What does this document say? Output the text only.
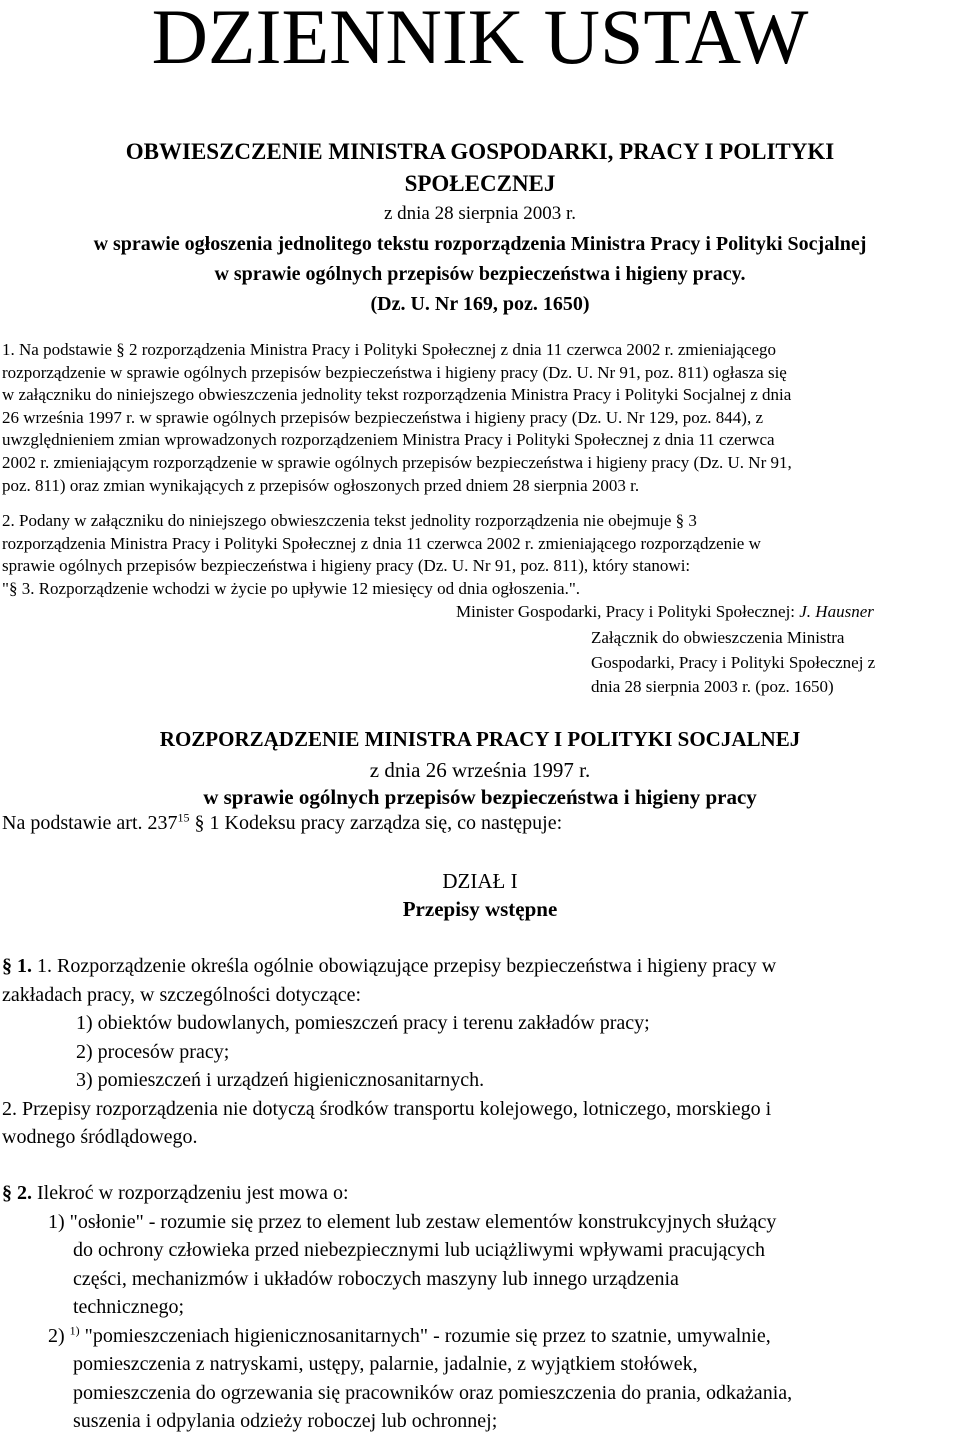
DZIENNIK USTAW
OBWIESZCZENIE MINISTRA GOSPODARKI, PRACY I POLITYKI
SPOŁECZNEJ
z dnia 28 sierpnia 2003 r.
w sprawie ogłoszenia jednolitego tekstu rozporządzenia Ministra Pracy i Polityki Socjalnej
w sprawie ogólnych przepisów bezpieczeństwa i higieny pracy.
(Dz. U. Nr 169, poz. 1650)
1. Na podstawie § 2 rozporządzenia Ministra Pracy i Polityki Społecznej z dnia 11 czerwca 2002 r. zmieniającego
rozporządzenie w sprawie ogólnych przepisów bezpieczeństwa i higieny pracy (Dz. U. Nr 91, poz. 811) ogłasza się
w załączniku do niniejszego obwieszczenia jednolity tekst rozporządzenia Ministra Pracy i Polityki Socjalnej z dnia
26 września 1997 r. w sprawie ogólnych przepisów bezpieczeństwa i higieny pracy (Dz. U. Nr 129, poz. 844), z
uwzględnieniem zmian wprowadzonych rozporządzeniem Ministra Pracy i Polityki Społecznej z dnia 11 czerwca
2002 r. zmieniającym rozporządzenie w sprawie ogólnych przepisów bezpieczeństwa i higieny pracy (Dz. U. Nr 91,
poz. 811) oraz zmian wynikających z przepisów ogłoszonych przed dniem 28 sierpnia 2003 r.
2. Podany w załączniku do niniejszego obwieszczenia tekst jednolity rozporządzenia nie obejmuje § 3
rozporządzenia Ministra Pracy i Polityki Społecznej z dnia 11 czerwca 2002 r. zmieniającego rozporządzenie w
sprawie ogólnych przepisów bezpieczeństwa i higieny pracy (Dz. U. Nr 91, poz. 811), który stanowi:
"§ 3. Rozporządzenie wchodzi w życie po upływie 12 miesięcy od dnia ogłoszenia.".
Minister Gospodarki, Pracy i Polityki Społecznej: J. Hausner
Załącznik do obwieszczenia Ministra
Gospodarki, Pracy i Polityki Społecznej z
dnia 28 sierpnia 2003 r. (poz. 1650)
ROZPORZĄDZENIE MINISTRA PRACY I POLITYKI SOCJALNEJ
z dnia 26 września 1997 r.
w sprawie ogólnych przepisów bezpieczeństwa i higieny pracy
Na podstawie art. $237^{15}$ § 1 Kodeksu pracy zarządza się, co następuje:
DZIAŁ I
Przepisy wstępne
§ 1. 1. Rozporządzenie określa ogólnie obowiązujące przepisy bezpieczeństwa i higieny pracy w
zakładach pracy, w szczególności dotyczące:
1) obiektów budowlanych, pomieszczeń pracy i terenu zakładów pracy;
2) procesów pracy;
3) pomieszczeń i urządzeń higienicznosanitarnych.
2. Przepisy rozporządzenia nie dotyczą środków transportu kolejowego, lotniczego, morskiego i
wodnego śródlądowego.
§ 2. Ilekroć w rozporządzeniu jest mowa o:
1) "osłonie" - rozumie się przez to element lub zestaw elementów konstrukcyjnych służący
do ochrony człowieka przed niebezpiecznymi lub uciążliwymi wpływami pracujących
części, mechanizmów i układów roboczych maszyny lub innego urządzenia
technicznego;
2) $^{1)}$ "pomieszczeniach higienicznosanitarnych" - rozumie się przez to szatnie, umywalnie,
pomieszczenia z natryskami, ustępy, palarnie, jadalnie, z wyjątkiem stołówek,
pomieszczenia do ogrzewania się pracowników oraz pomieszczenia do prania, odkażania,
suszenia i odpylania odzieży roboczej lub ochronnej;
